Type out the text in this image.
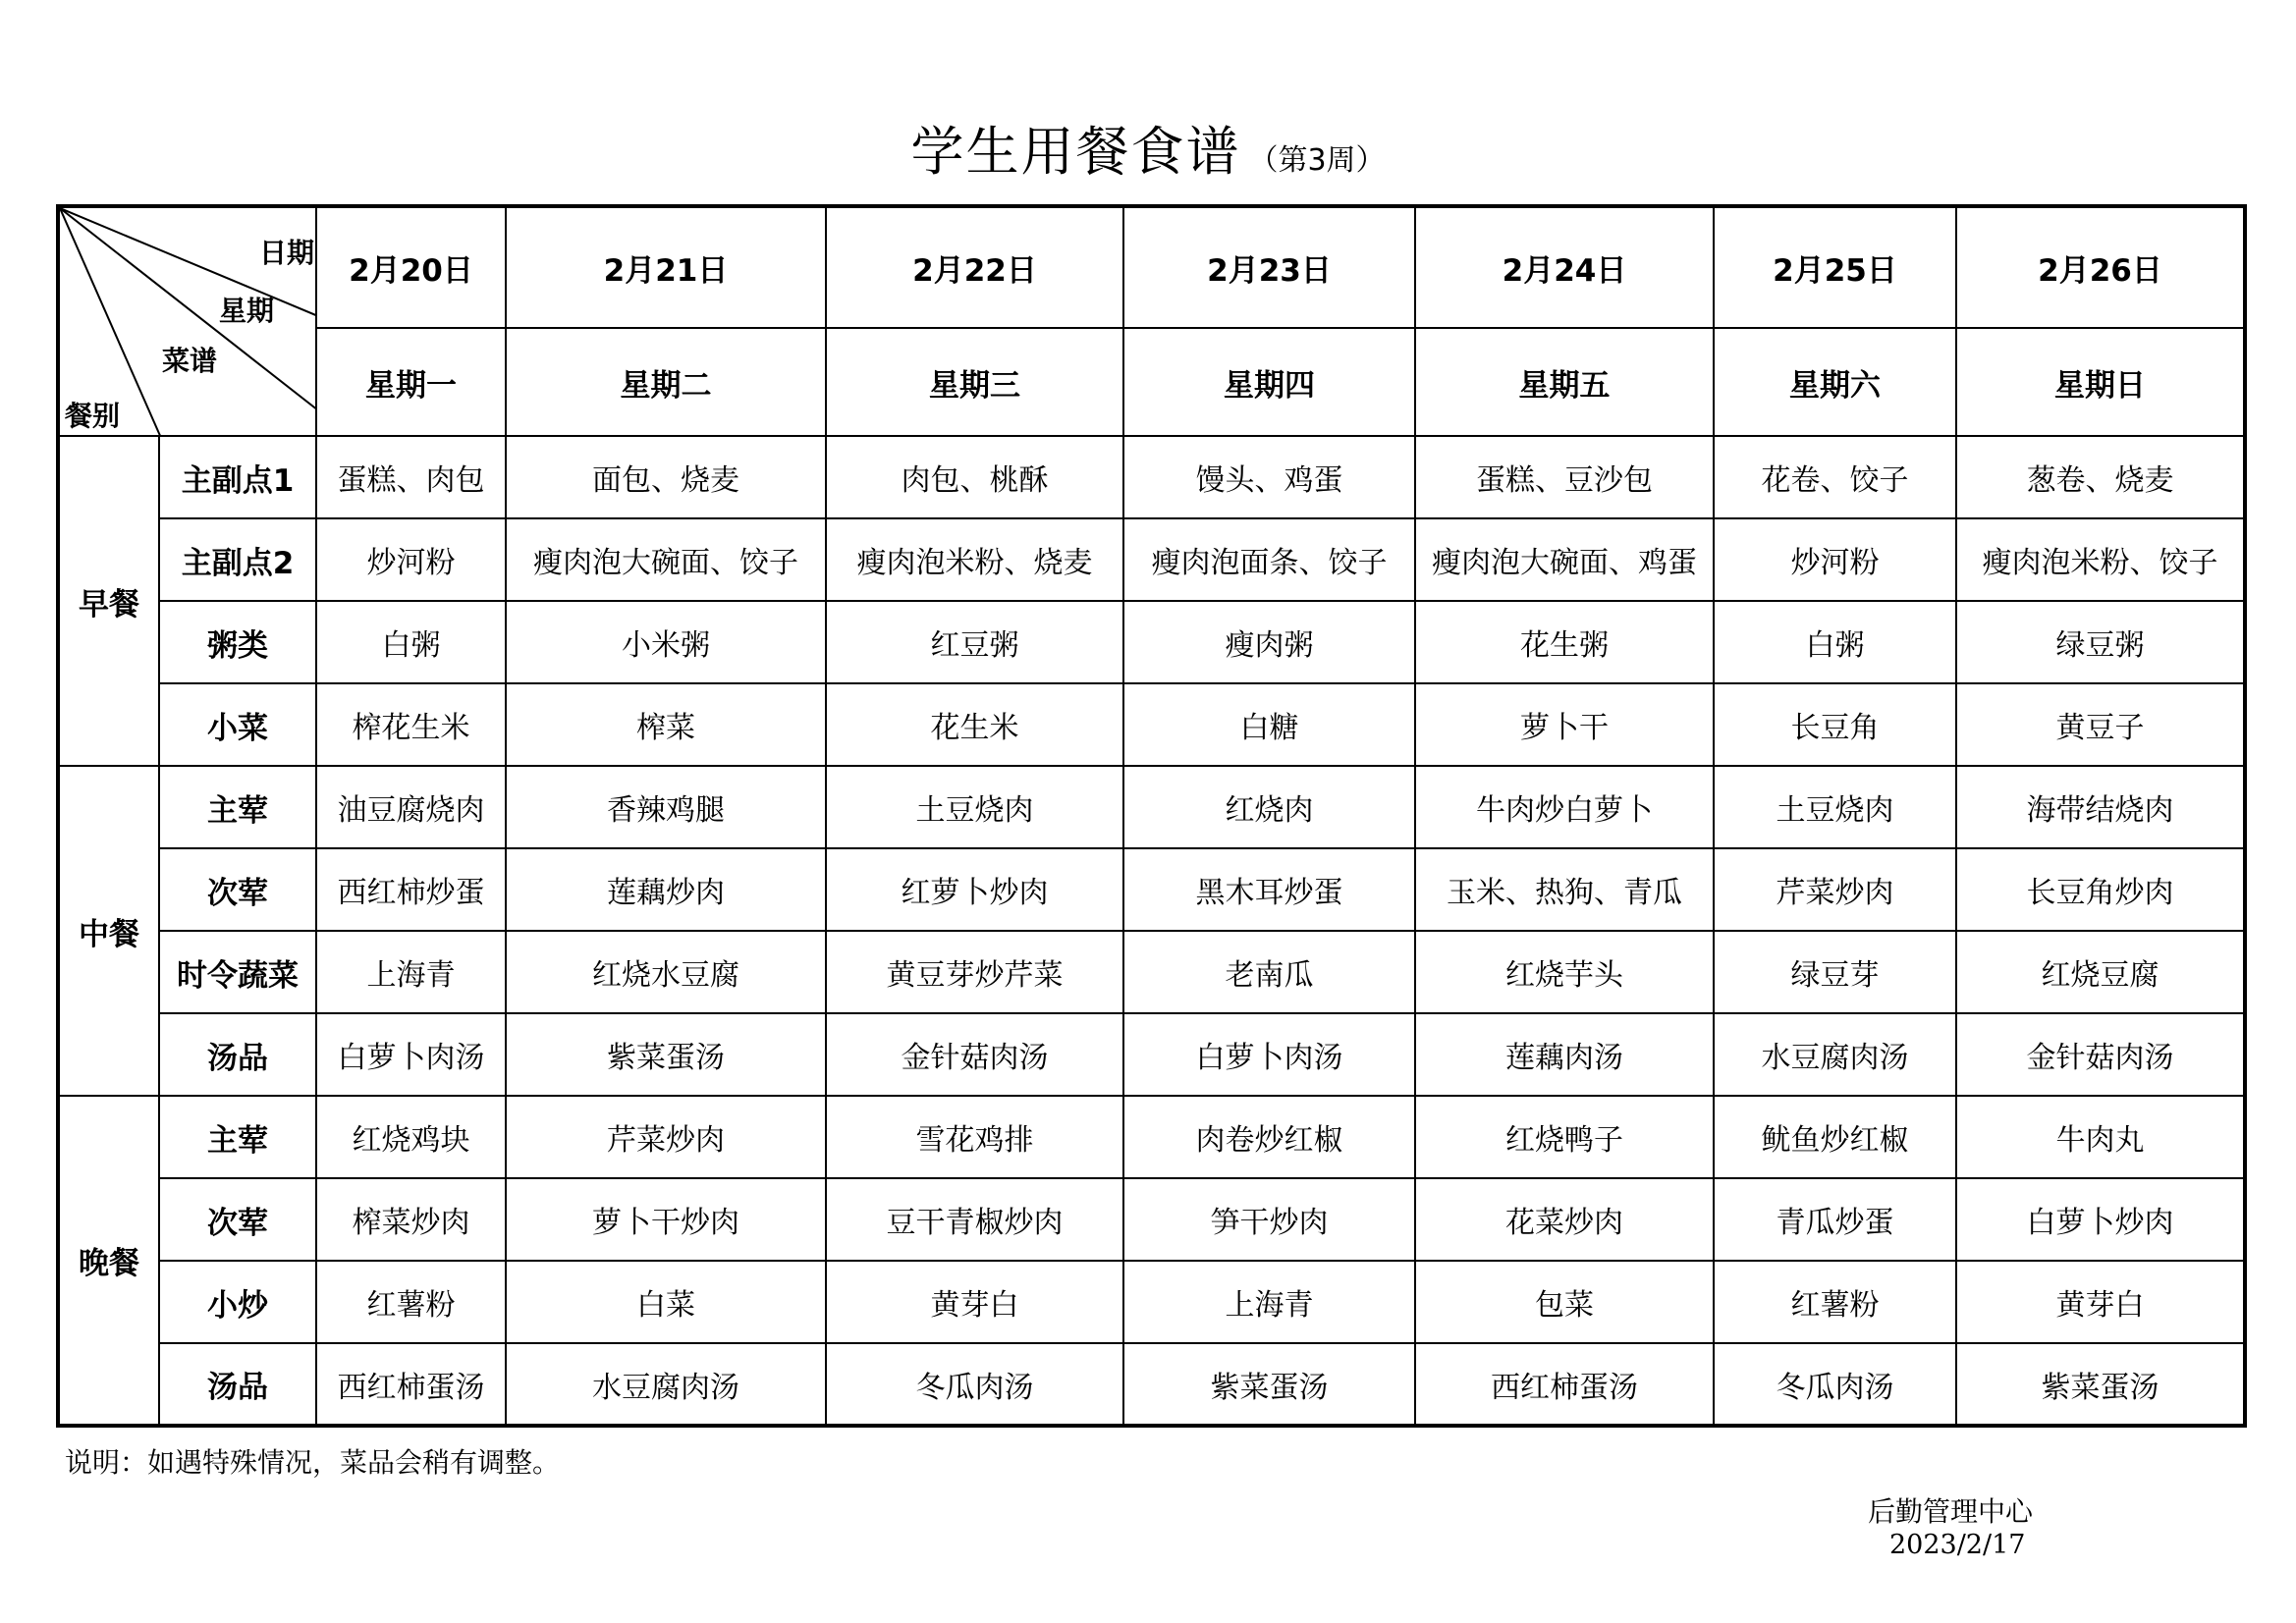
学生用餐食谱 （第3周）
日期
星期
菜谱
餐别		2月20日	2月21日	2月22日	2月23日	2月24日	2月25日	2月26日
		星期一	星期二	星期三	星期四	星期五	星期六	星期日
早餐	主副点1	蛋糕、肉包	面包、烧麦	肉包、桃酥	馒头、鸡蛋	蛋糕、豆沙包	花卷、饺子	葱卷、烧麦
	主副点2	炒河粉	瘦肉泡大碗面、饺子	瘦肉泡米粉、烧麦	瘦肉泡面条、饺子	瘦肉泡大碗面、鸡蛋	炒河粉	瘦肉泡米粉、饺子
	粥类	白粥	小米粥	红豆粥	瘦肉粥	花生粥	白粥	绿豆粥
	小菜	榨花生米	榨菜	花生米	白糖	萝卜干	长豆角	黄豆子
中餐	主荤	油豆腐烧肉	香辣鸡腿	土豆烧肉	红烧肉	牛肉炒白萝卜	土豆烧肉	海带结烧肉
	次荤	西红柿炒蛋	莲藕炒肉	红萝卜炒肉	黑木耳炒蛋	玉米、热狗、青瓜	芹菜炒肉	长豆角炒肉
	时令蔬菜	上海青	红烧水豆腐	黄豆芽炒芹菜	老南瓜	红烧芋头	绿豆芽	红烧豆腐
	汤品	白萝卜肉汤	紫菜蛋汤	金针菇肉汤	白萝卜肉汤	莲藕肉汤	水豆腐肉汤	金针菇肉汤
晚餐	主荤	红烧鸡块	芹菜炒肉	雪花鸡排	肉卷炒红椒	红烧鸭子	鱿鱼炒红椒	牛肉丸
	次荤	榨菜炒肉	萝卜干炒肉	豆干青椒炒肉	笋干炒肉	花菜炒肉	青瓜炒蛋	白萝卜炒肉
	小炒	红薯粉	白菜	黄芽白	上海青	包菜	红薯粉	黄芽白
	汤品	西红柿蛋汤	水豆腐肉汤	冬瓜肉汤	紫菜蛋汤	西红柿蛋汤	冬瓜肉汤	紫菜蛋汤
说明：如遇特殊情况，菜品会稍有调整。
后勤管理中心
2023/2/17
